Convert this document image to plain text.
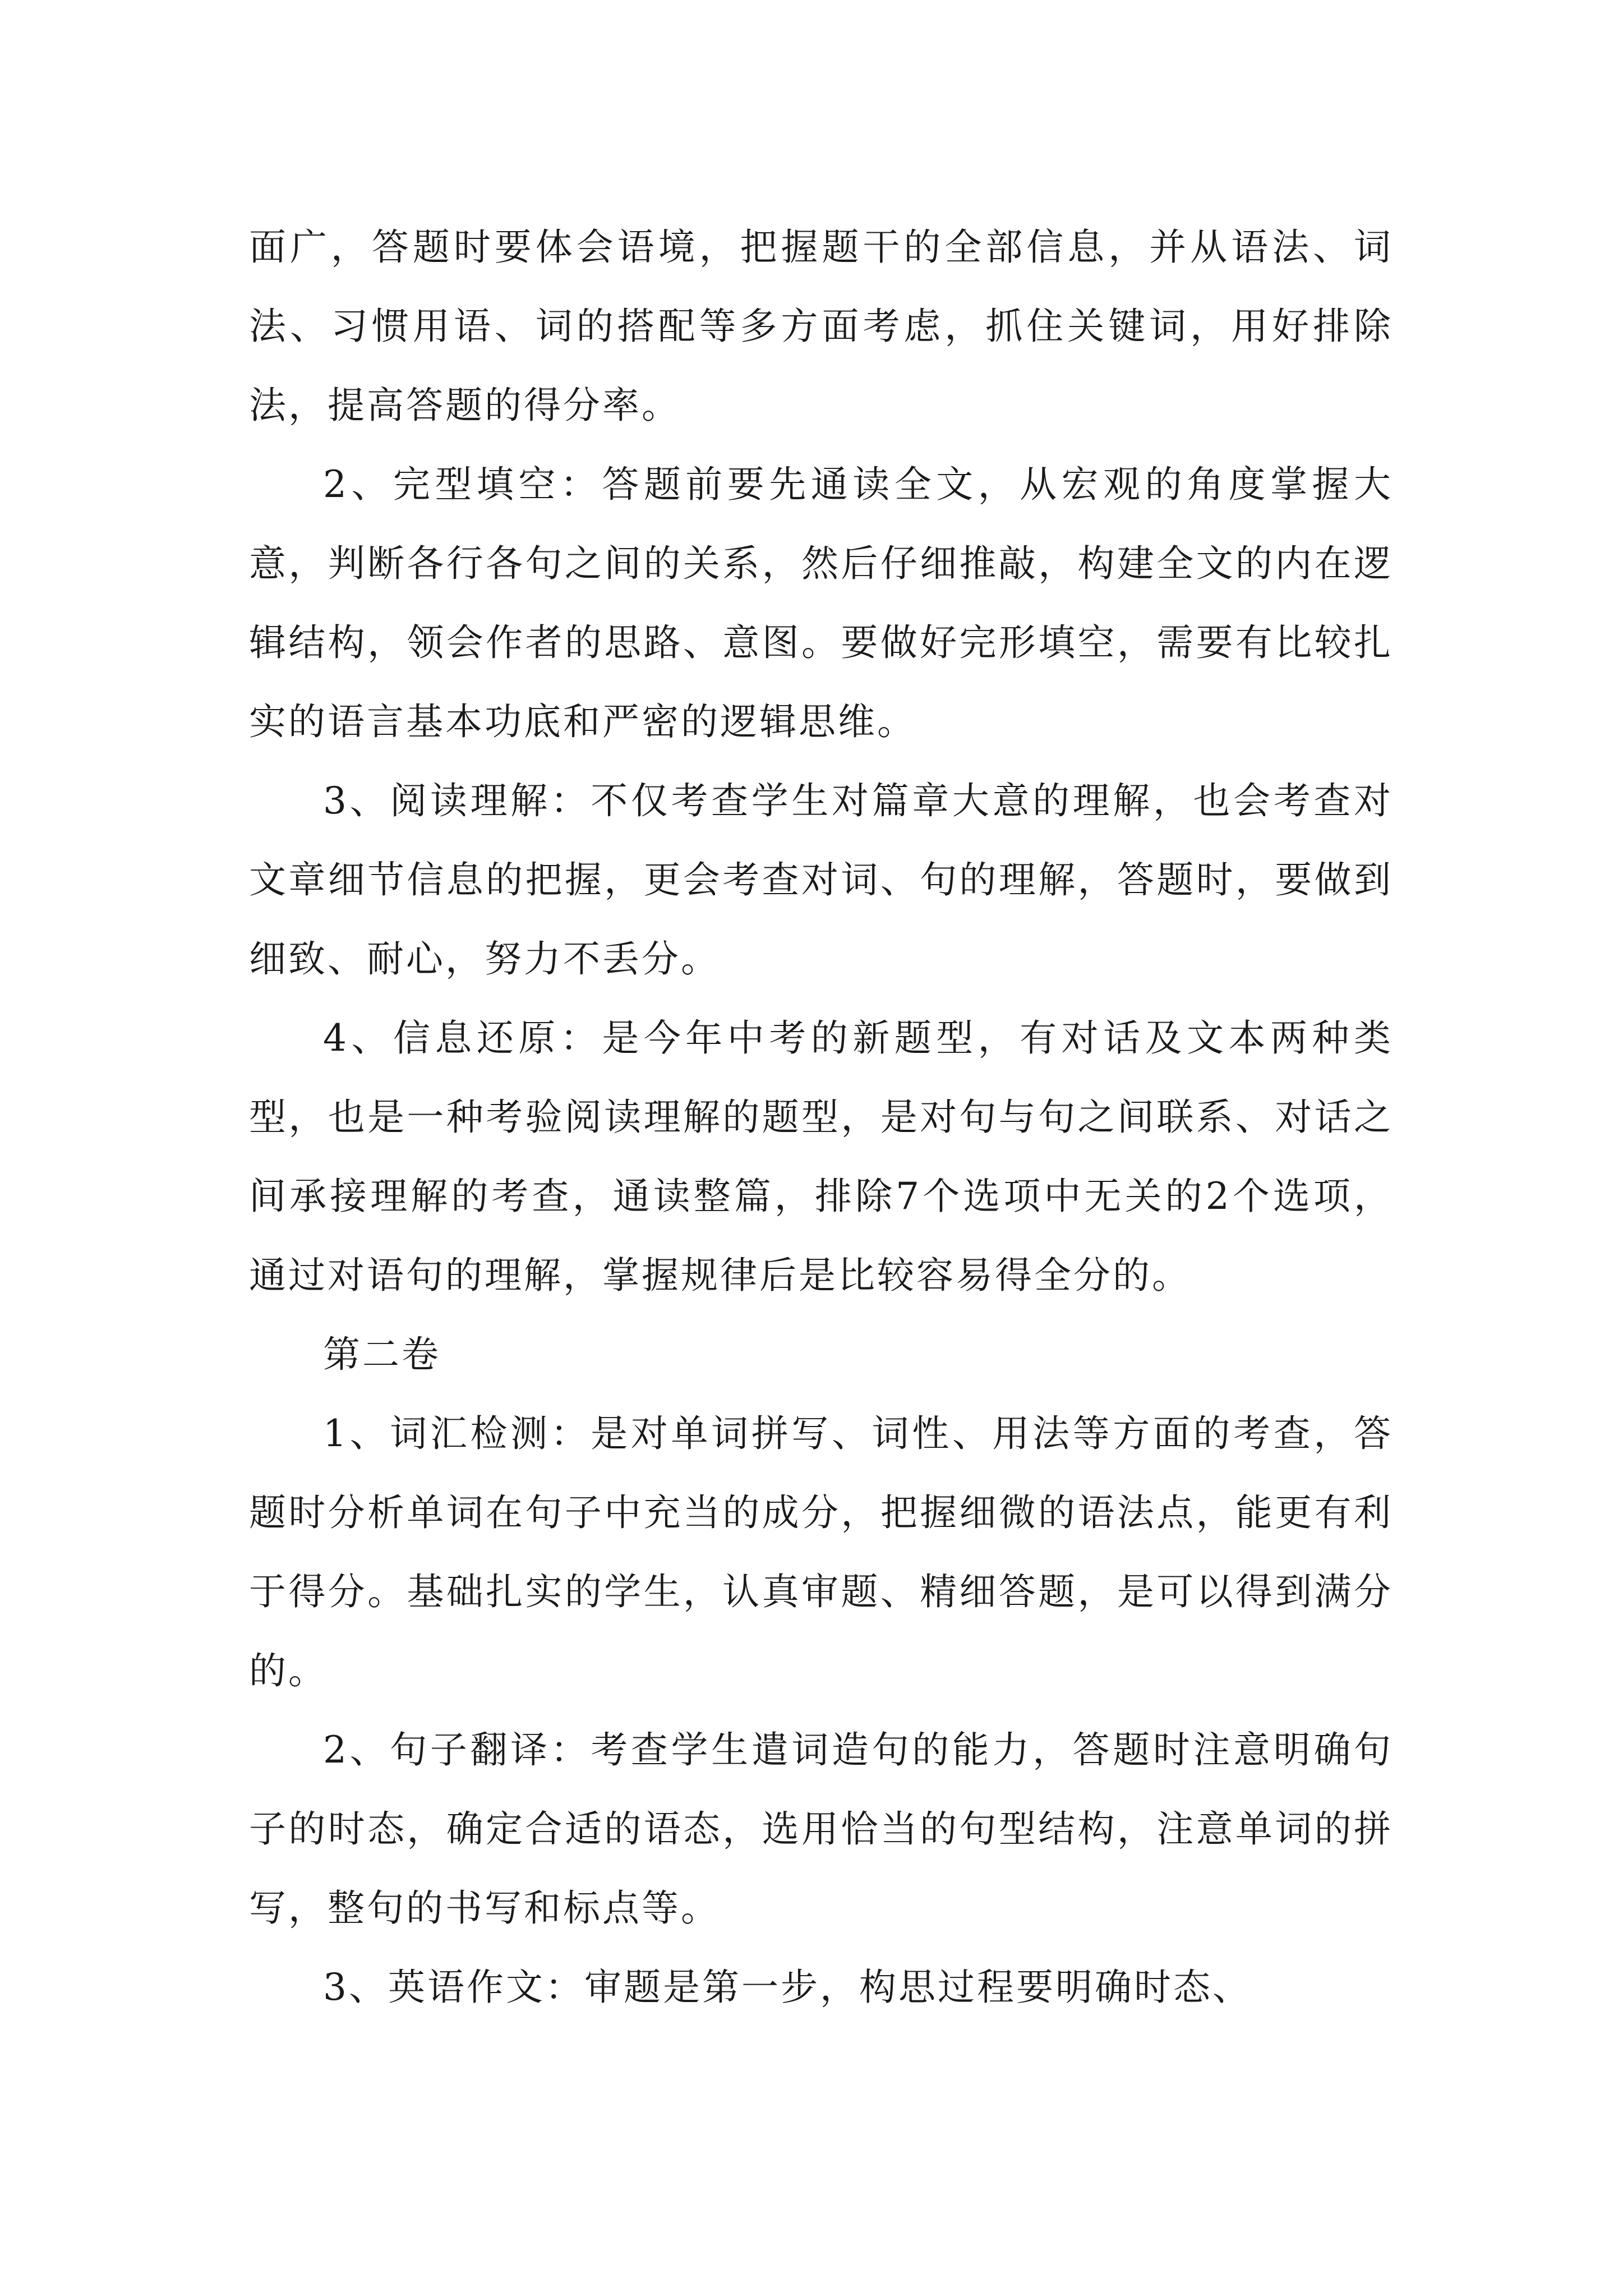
面广，答题时要体会语境，把握题干的全部信息，并从语法、词法、习惯用语、词的搭配等多方面考虑，抓住关键词，用好排除法，提高答题的得分率。

2、完型填空：答题前要先通读全文，从宏观的角度掌握大意，判断各行各句之间的关系，然后仔细推敲，构建全文的内在逻辑结构，领会作者的思路、意图。要做好完形填空，需要有比较扎实的语言基本功底和严密的逻辑思维。

3、阅读理解：不仅考查学生对篇章大意的理解，也会考查对文章细节信息的把握，更会考查对词、句的理解，答题时，要做到细致、耐心，努力不丢分。

4、信息还原：是今年中考的新题型，有对话及文本两种类型，也是一种考验阅读理解的题型，是对句与句之间联系、对话之间承接理解的考查，通读整篇，排除7个选项中无关的2个选项，通过对语句的理解，掌握规律后是比较容易得全分的。

第二卷

1、词汇检测：是对单词拼写、词性、用法等方面的考查，答题时分析单词在句子中充当的成分，把握细微的语法点，能更有利于得分。基础扎实的学生，认真审题、精细答题，是可以得到满分的。

2、句子翻译：考查学生遣词造句的能力，答题时注意明确句子的时态，确定合适的语态，选用恰当的句型结构，注意单词的拼写，整句的书写和标点等。

3、英语作文：审题是第一步，构思过程要明确时态、
